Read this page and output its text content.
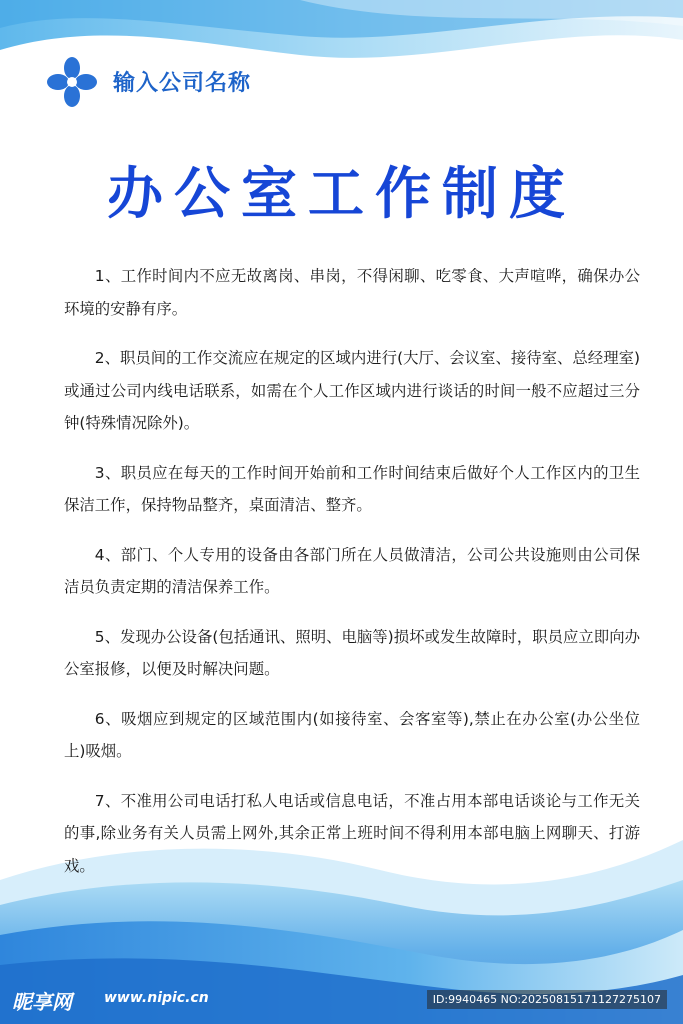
输入公司名称
办公室工作制度

1、工作时间内不应无故离岗、串岗，不得闲聊、吃零食、大声喧哗，确保办公环境的安静有序。

2、职员间的工作交流应在规定的区域内进行(大厅、会议室、接待室、总经理室)或通过公司内线电话联系，如需在个人工作区域内进行谈话的时间一般不应超过三分钟(特殊情况除外)。

3、职员应在每天的工作时间开始前和工作时间结束后做好个人工作区内的卫生保洁工作，保持物品整齐，桌面清洁、整齐。

4、部门、个人专用的设备由各部门所在人员做清洁，公司公共设施则由公司保洁员负责定期的清洁保养工作。

5、发现办公设备(包括通讯、照明、电脑等)损坏或发生故障时，职员应立即向办公室报修，以便及时解决问题。

6、吸烟应到规定的区域范围内(如接待室、会客室等),禁止在办公室(办公坐位上)吸烟。

7、不准用公司电话打私人电话或信息电话，不准占用本部电话谈论与工作无关的事,除业务有关人员需上网外,其余正常上班时间不得利用本部电脑上网聊天、打游戏。

昵享网 www.nipic.cn	ID:9940465 NO:20250815171127275107
